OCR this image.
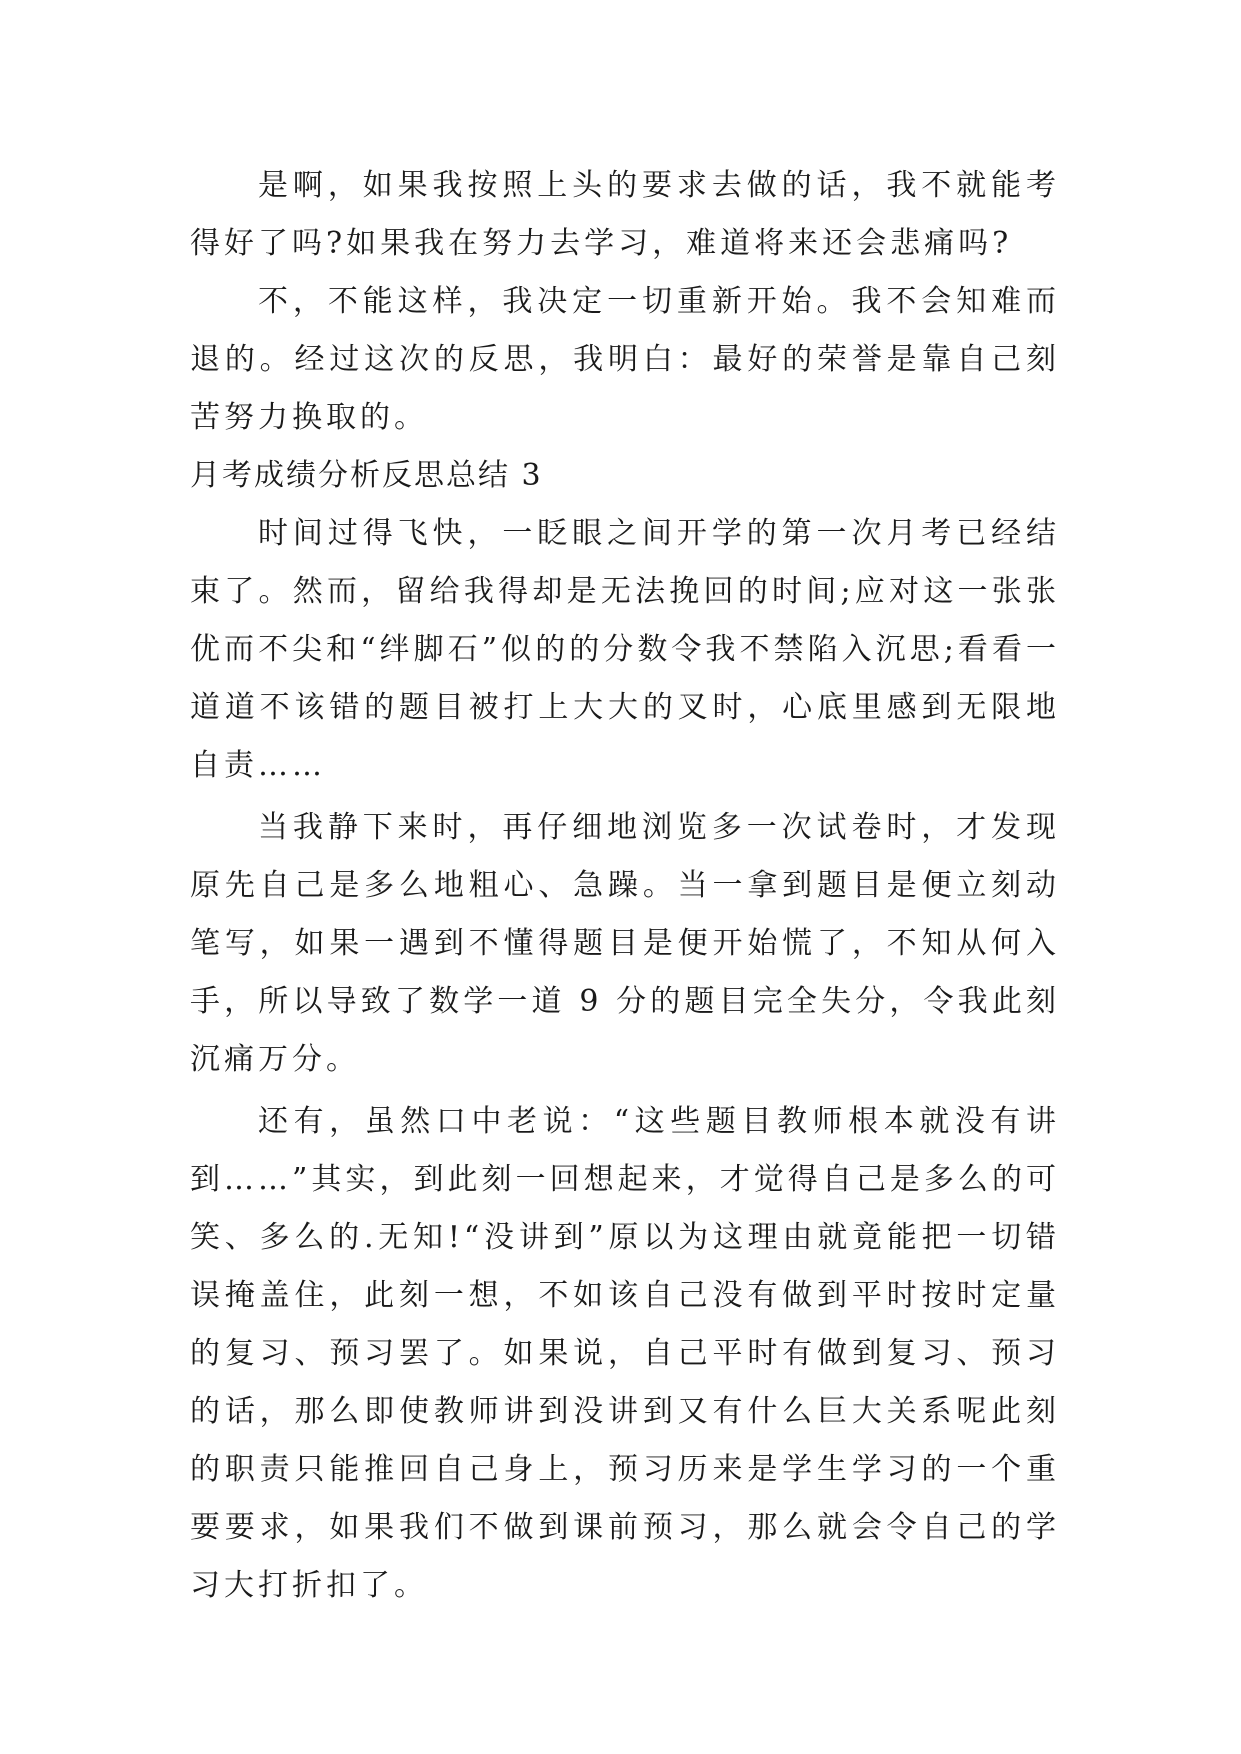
是啊，如果我按照上头的要求去做的话，我不就能考得好了吗?如果我在努力去学习，难道将来还会悲痛吗?

不，不能这样，我决定一切重新开始。我不会知难而退的。经过这次的反思，我明白：最好的荣誉是靠自己刻苦努力换取的。

月考成绩分析反思总结 3

时间过得飞快，一眨眼之间开学的第一次月考已经结束了。然而，留给我得却是无法挽回的时间;应对这一张张优而不尖和“绊脚石”似的的分数令我不禁陷入沉思;看看一道道不该错的题目被打上大大的叉时，心底里感到无限地自责……

当我静下来时，再仔细地浏览多一次试卷时，才发现原先自己是多么地粗心、急躁。当一拿到题目是便立刻动笔写，如果一遇到不懂得题目是便开始慌了，不知从何入手，所以导致了数学一道 9 分的题目完全失分，令我此刻沉痛万分。

还有，虽然口中老说：“这些题目教师根本就没有讲到……”其实，到此刻一回想起来，才觉得自己是多么的可笑、多么的.无知!“没讲到”原以为这理由就竟能把一切错误掩盖住，此刻一想，不如该自己没有做到平时按时定量的复习、预习罢了。如果说，自己平时有做到复习、预习的话，那么即使教师讲到没讲到又有什么巨大关系呢此刻的职责只能推回自己身上，预习历来是学生学习的一个重要要求，如果我们不做到课前预习，那么就会令自己的学习大打折扣了。
